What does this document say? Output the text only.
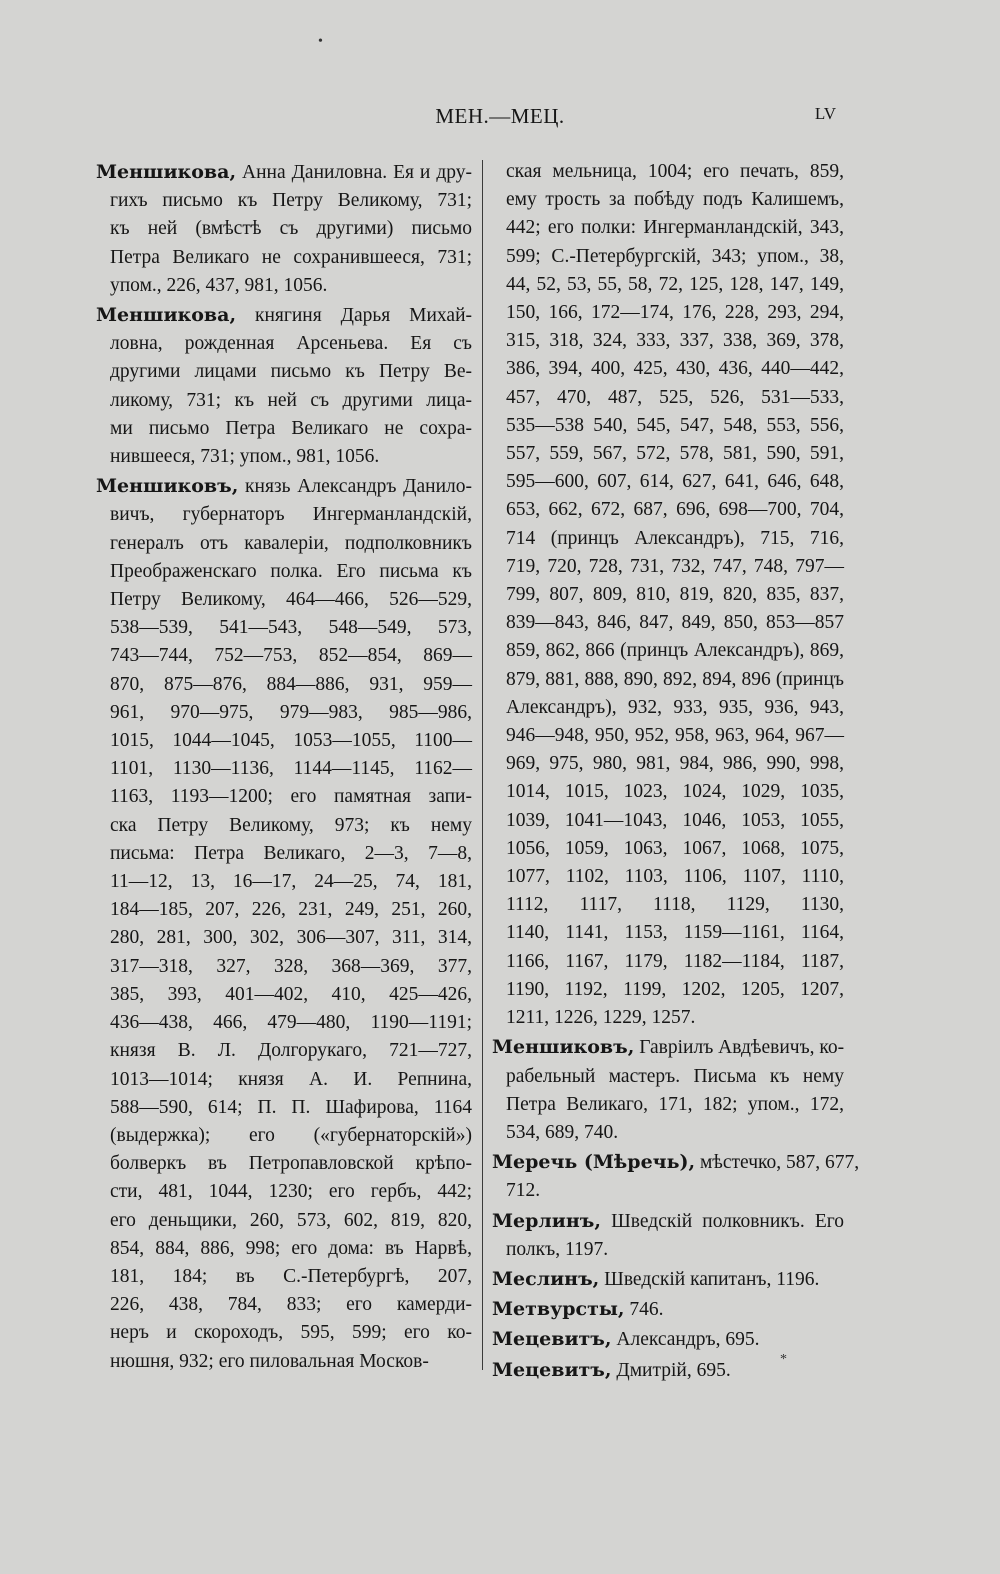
•
МЕН.—МЕЦ.	LV
Меншикова, Анна Даниловна. Ея и дру-
гихъ письмо къ Петру Великому, 731;
къ ней (вмѣстѣ съ другими) письмо
Петра Великаго не сохранившееся, 731;
упом., 226, 437, 981, 1056.
Меншикова, княгиня Дарья Михай-
ловна, рожденная Арсеньева. Ея съ
другими лицами письмо къ Петру Ве-
ликому, 731; къ ней съ другими лица-
ми письмо Петра Великаго не сохра-
нившееся, 731; упом., 981, 1056.
Меншиковъ, князь Александръ Данило-
вичъ, губернаторъ Ингерманландскій,
генералъ отъ кавалеріи, подполковникъ
Преображенскаго полка. Его письма къ
Петру Великому, 464—466, 526—529,
538—539, 541—543, 548—549, 573,
743—744, 752—753, 852—854, 869—
870, 875—876, 884—886, 931, 959—
961, 970—975, 979—983, 985—986,
1015, 1044—1045, 1053—1055, 1100—
1101, 1130—1136, 1144—1145, 1162—
1163, 1193—1200; его памятная запи-
ска Петру Великому, 973; къ нему
письма: Петра Великаго, 2—3, 7—8,
11—12, 13, 16—17, 24—25, 74, 181,
184—185, 207, 226, 231, 249, 251, 260,
280, 281, 300, 302, 306—307, 311, 314,
317—318, 327, 328, 368—369, 377,
385, 393, 401—402, 410, 425—426,
436—438, 466, 479—480, 1190—1191;
князя В. Л. Долгорукаго, 721—727,
1013—1014; князя А. И. Репнина,
588—590, 614; П. П. Шафирова, 1164
(выдержка); его («губернаторскій»)
болверкъ въ Петропавловской крѣпо-
сти, 481, 1044, 1230; его гербъ, 442;
его деньщики, 260, 573, 602, 819, 820,
854, 884, 886, 998; его дома: въ Нарвѣ,
181, 184; въ С.-Петербургѣ, 207,
226, 438, 784, 833; его камерди-
неръ и скороходъ, 595, 599; его ко-
нюшня, 932; его пиловальная Москов-
ская мельница, 1004; его печать, 859,
ему трость за побѣду подъ Калишемъ,
442; его полки: Ингерманландскій, 343,
599; С.-Петербургскій, 343; упом., 38,
44, 52, 53, 55, 58, 72, 125, 128, 147, 149,
150, 166, 172—174, 176, 228, 293, 294,
315, 318, 324, 333, 337, 338, 369, 378,
386, 394, 400, 425, 430, 436, 440—442,
457, 470, 487, 525, 526, 531—533,
535—538 540, 545, 547, 548, 553, 556,
557, 559, 567, 572, 578, 581, 590, 591,
595—600, 607, 614, 627, 641, 646, 648,
653, 662, 672, 687, 696, 698—700, 704,
714 (принцъ Александръ), 715, 716,
719, 720, 728, 731, 732, 747, 748, 797—
799, 807, 809, 810, 819, 820, 835, 837,
839—843, 846, 847, 849, 850, 853—857
859, 862, 866 (принцъ Александръ), 869,
879, 881, 888, 890, 892, 894, 896 (принцъ
Александръ), 932, 933, 935, 936, 943,
946—948, 950, 952, 958, 963, 964, 967—
969, 975, 980, 981, 984, 986, 990, 998,
1014, 1015, 1023, 1024, 1029, 1035,
1039, 1041—1043, 1046, 1053, 1055,
1056, 1059, 1063, 1067, 1068, 1075,
1077, 1102, 1103, 1106, 1107, 1110,
1112, 1117, 1118, 1129, 1130,
1140, 1141, 1153, 1159—1161, 1164,
1166, 1167, 1179, 1182—1184, 1187,
1190, 1192, 1199, 1202, 1205, 1207,
1211, 1226, 1229, 1257.
Меншиковъ, Гавріилъ Авдѣевичъ, ко-
рабельный мастеръ. Письма къ нему
Петра Великаго, 171, 182; упом., 172,
534, 689, 740.
Меречь (Мѣречь), мѣстечко, 587, 677,
712.
Мерлинъ, Шведскій полковникъ. Его
полкъ, 1197.
Меслинъ, Шведскій капитанъ, 1196.
Метвурсты, 746.
Мецевитъ, Александръ, 695.
Мецевитъ, Дмитрій, 695.
*
